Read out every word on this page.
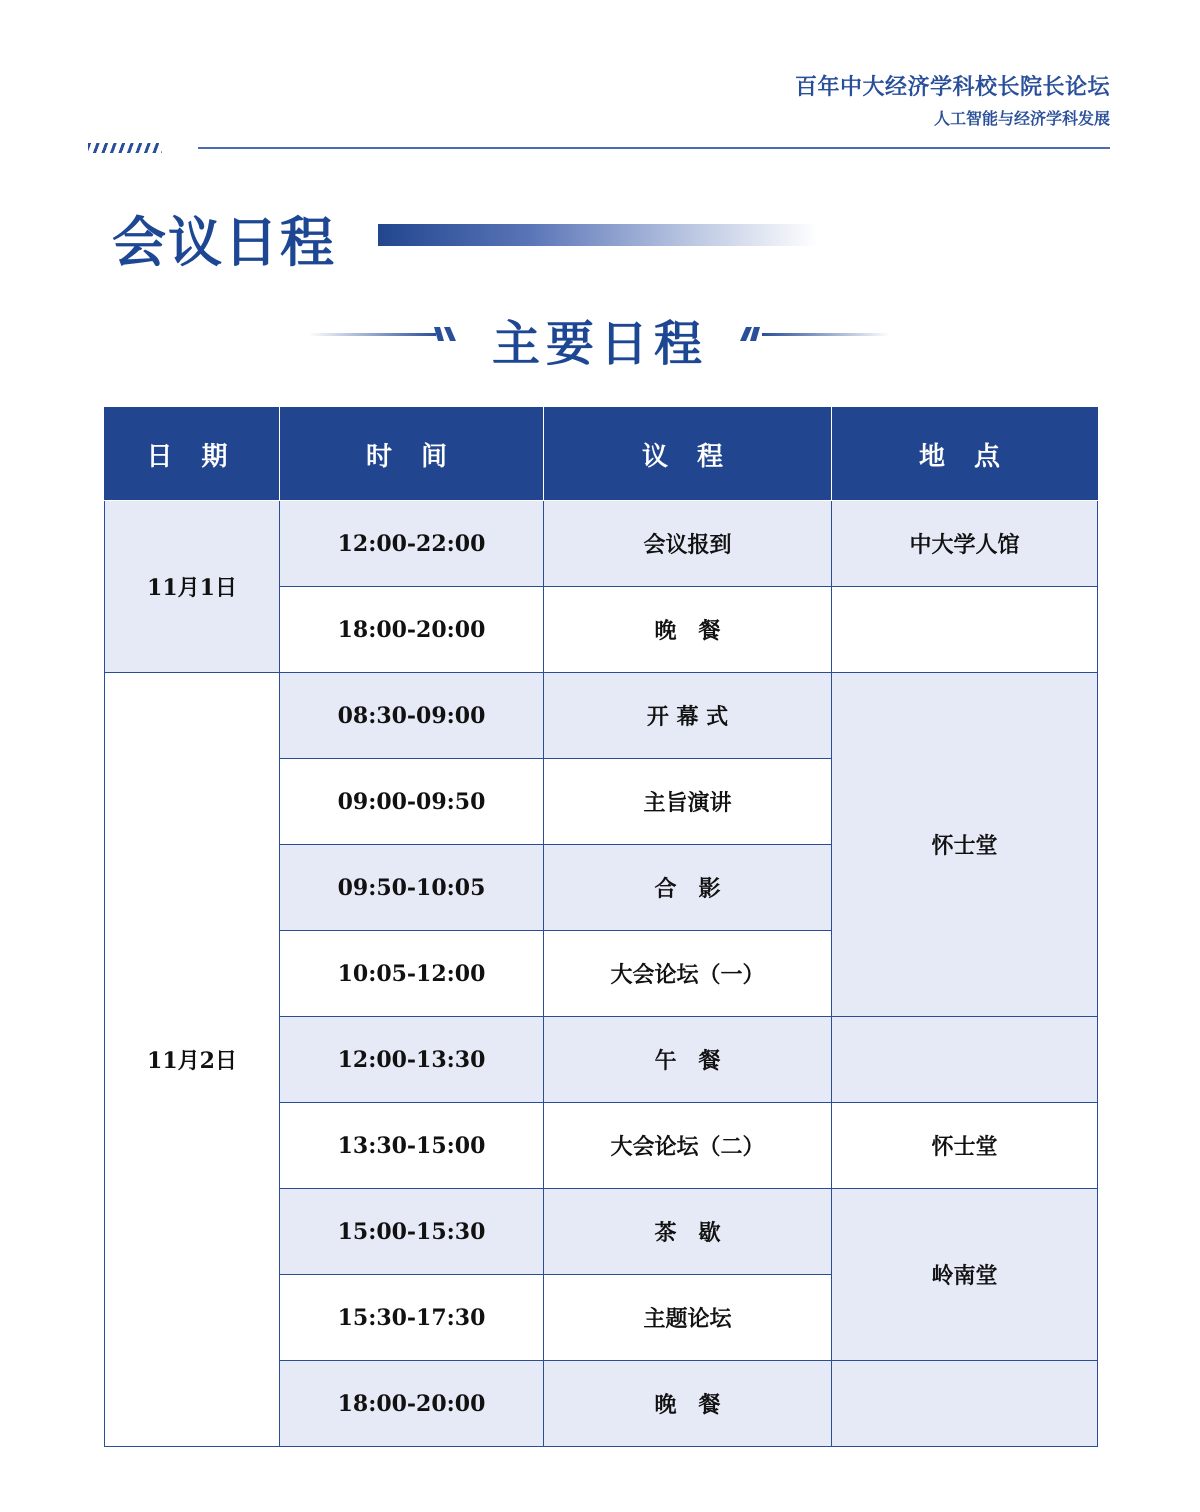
百年中大经济学科校长院长论坛
人工智能与经济学科发展
会议日程
主要日程
日 期	时 间	议 程	地 点
11月1日	12:00-22:00	会议报到	中大学人馆
	18:00-20:00	晚　餐	
11月2日	08:30-09:00	开 幕 式	怀士堂
	09:00-09:50	主旨演讲	
	09:50-10:05	合　影	
	10:05-12:00	大会论坛（一）	
	12:00-13:30	午　餐	
	13:30-15:00	大会论坛（二）	怀士堂
	15:00-15:30	茶　歇	岭南堂
	15:30-17:30	主题论坛	
	18:00-20:00	晚　餐	
